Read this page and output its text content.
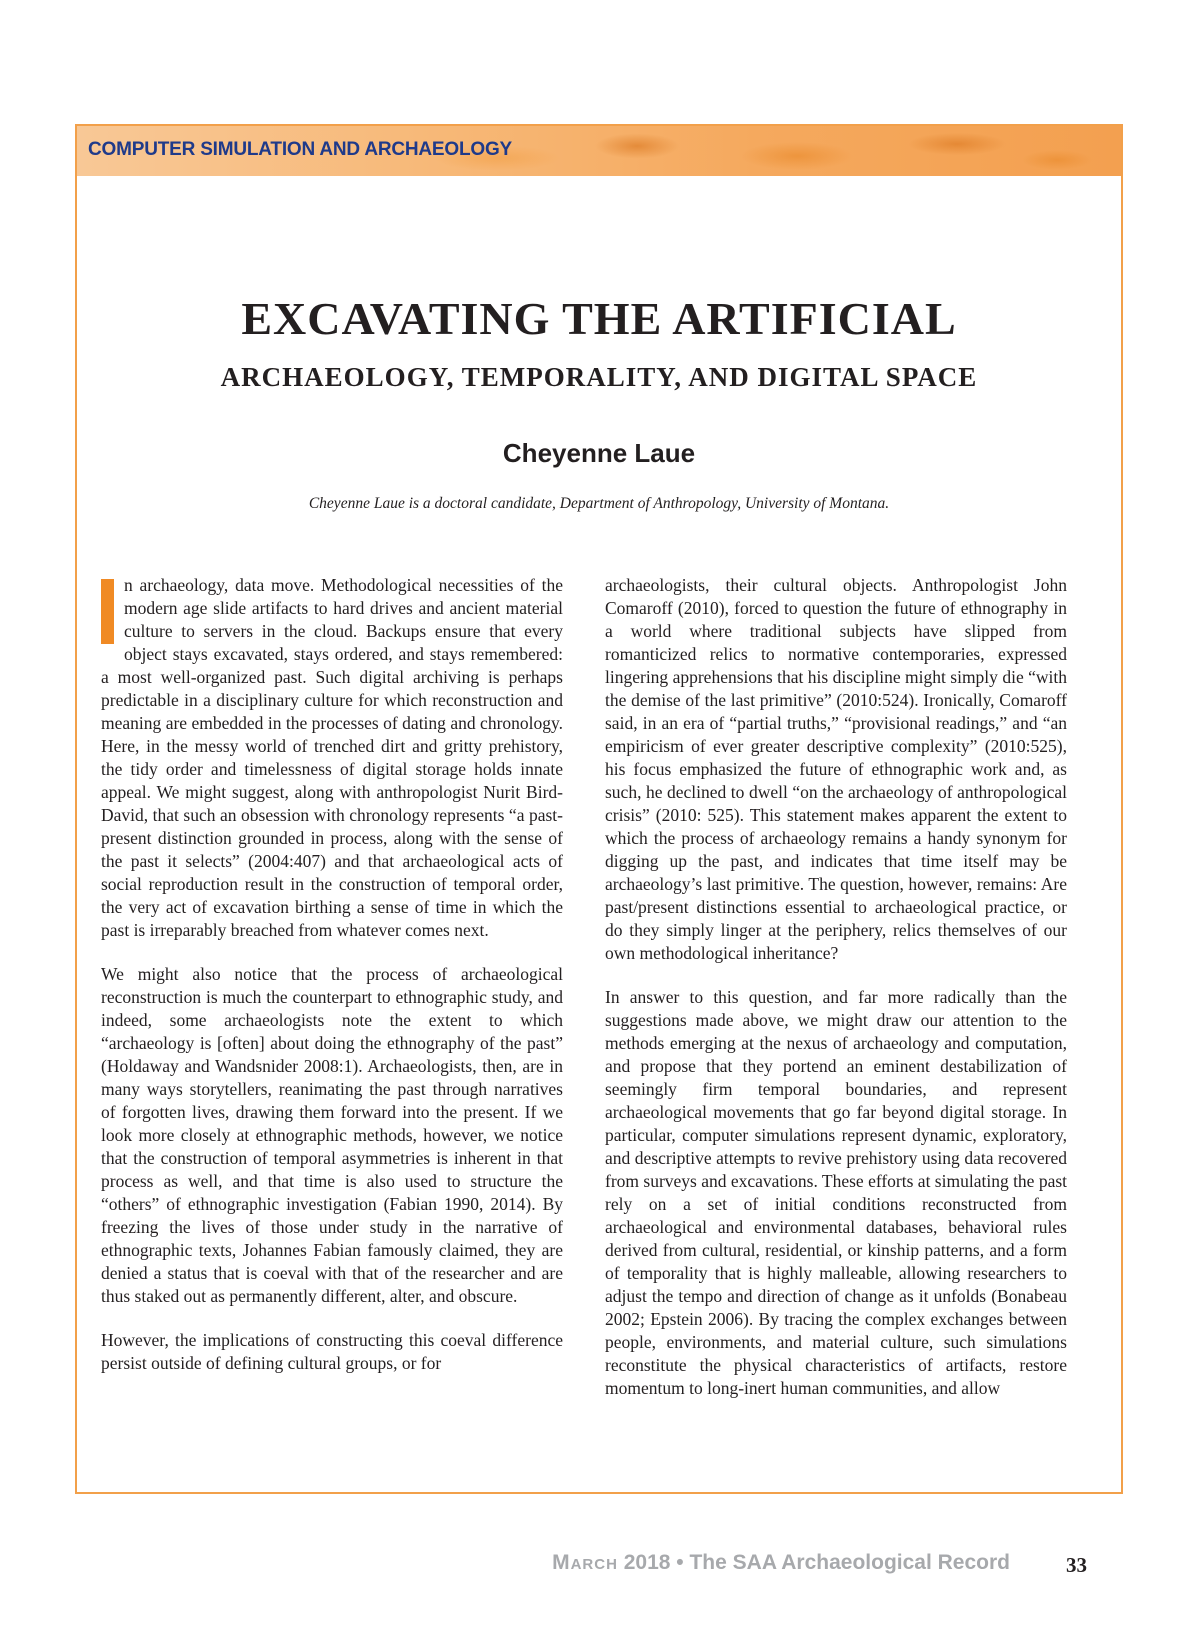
COMPUTER SIMULATION AND ARCHAEOLOGY
EXCAVATING THE ARTIFICIAL
ARCHAEOLOGY, TEMPORALITY, AND DIGITAL SPACE
Cheyenne Laue
Cheyenne Laue is a doctoral candidate, Department of Anthropology, University of Montana.

n archaeology, data move. Methodological necessities of the modern age slide artifacts to hard drives and ancient material culture to servers in the cloud. Backups ensure that every object stays excavated, stays ordered, and stays remembered: a most well-organized past. Such digital archiving is perhaps predictable in a disciplinary culture for which reconstruction and meaning are embedded in the processes of dating and chronology. Here, in the messy world of trenched dirt and gritty prehistory, the tidy order and timelessness of digital storage holds innate appeal. We might suggest, along with anthropologist Nurit Bird-David, that such an obsession with chronology represents “a past-present distinction grounded in process, along with the sense of the past it selects” (2004:407) and that archaeological acts of social reproduction result in the construction of temporal order, the very act of excavation birthing a sense of time in which the past is irreparably breached from whatever comes next.

We might also notice that the process of archaeological reconstruction is much the counterpart to ethnographic study, and indeed, some archaeologists note the extent to which “archaeology is [often] about doing the ethnography of the past” (Holdaway and Wandsnider 2008:1). Archaeologists, then, are in many ways storytellers, reanimating the past through narratives of forgotten lives, drawing them forward into the present. If we look more closely at ethnographic methods, however, we notice that the construction of temporal asymmetries is inherent in that process as well, and that time is also used to structure the “others” of ethnographic investigation (Fabian 1990, 2014). By freezing the lives of those under study in the narrative of ethnographic texts, Johannes Fabian famously claimed, they are denied a status that is coeval with that of the researcher and are thus staked out as permanently different, alter, and obscure.

However, the implications of constructing this coeval difference persist outside of defining cultural groups, or for

archaeologists, their cultural objects. Anthropologist John Comaroff (2010), forced to question the future of ethnography in a world where traditional subjects have slipped from romanticized relics to normative contemporaries, expressed lingering apprehensions that his discipline might simply die “with the demise of the last primitive” (2010:524). Ironically, Comaroff said, in an era of “partial truths,” “provisional readings,” and “an empiricism of ever greater descriptive complexity” (2010:525), his focus emphasized the future of ethnographic work and, as such, he declined to dwell “on the archaeology of anthropological crisis” (2010: 525). This statement makes apparent the extent to which the process of archaeology remains a handy synonym for digging up the past, and indicates that time itself may be archaeology’s last primitive. The question, however, remains: Are past/present distinctions essential to archaeological practice, or do they simply linger at the periphery, relics themselves of our own methodological inheritance?

In answer to this question, and far more radically than the suggestions made above, we might draw our attention to the methods emerging at the nexus of archaeology and computation, and propose that they portend an eminent destabilization of seemingly firm temporal boundaries, and represent archaeological movements that go far beyond digital storage. In particular, computer simulations represent dynamic, exploratory, and descriptive attempts to revive prehistory using data recovered from surveys and excavations. These efforts at simulating the past rely on a set of initial conditions reconstructed from archaeological and environmental databases, behavioral rules derived from cultural, residential, or kinship patterns, and a form of temporality that is highly malleable, allowing researchers to adjust the tempo and direction of change as it unfolds (Bonabeau 2002; Epstein 2006). By tracing the complex exchanges between people, environments, and material culture, such simulations reconstitute the physical characteristics of artifacts, restore momentum to long-inert human communities, and allow

March 2018 • The SAA Archaeological Record	33
